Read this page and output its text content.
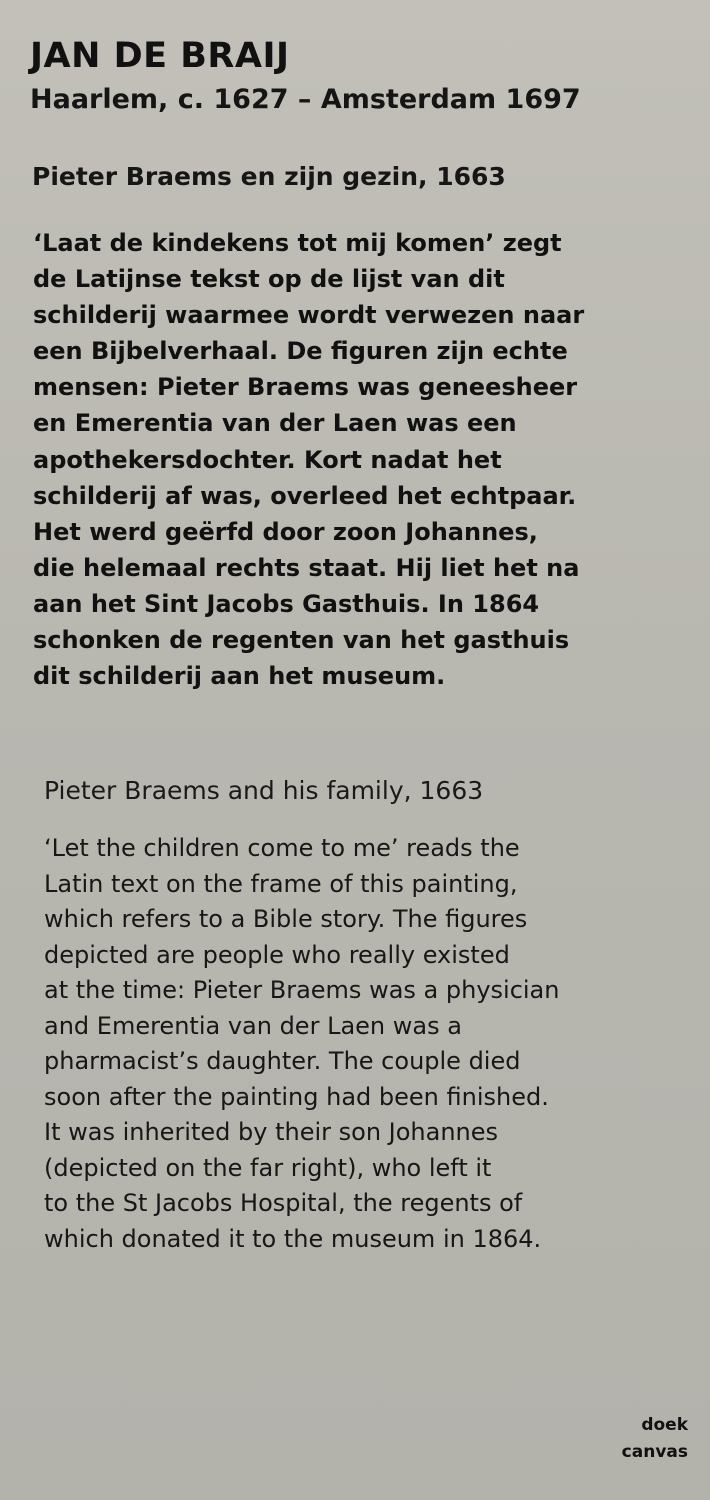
JAN DE BRAIJ
Haarlem, c. 1627 – Amsterdam 1697
Pieter Braems en zijn gezin, 1663

‘Laat de kindekens tot mij komen’ zegt
de Latijnse tekst op de lijst van dit
schilderij waarmee wordt verwezen naar
een Bijbelverhaal. De figuren zijn echte
mensen: Pieter Braems was geneesheer
en Emerentia van der Laen was een
apothekersdochter. Kort nadat het
schilderij af was, overleed het echtpaar.
Het werd geërfd door zoon Johannes,
die helemaal rechts staat. Hij liet het na
aan het Sint Jacobs Gasthuis. In 1864
schonken de regenten van het gasthuis
dit schilderij aan het museum.

Pieter Braems and his family, 1663

‘Let the children come to me’ reads the
Latin text on the frame of this painting,
which refers to a Bible story. The figures
depicted are people who really existed
at the time: Pieter Braems was a physician
and Emerentia van der Laen was a
pharmacist’s daughter. The couple died
soon after the painting had been finished.
It was inherited by their son Johannes
(depicted on the far right), who left it
to the St Jacobs Hospital, the regents of
which donated it to the museum in 1864.

doek
canvas
